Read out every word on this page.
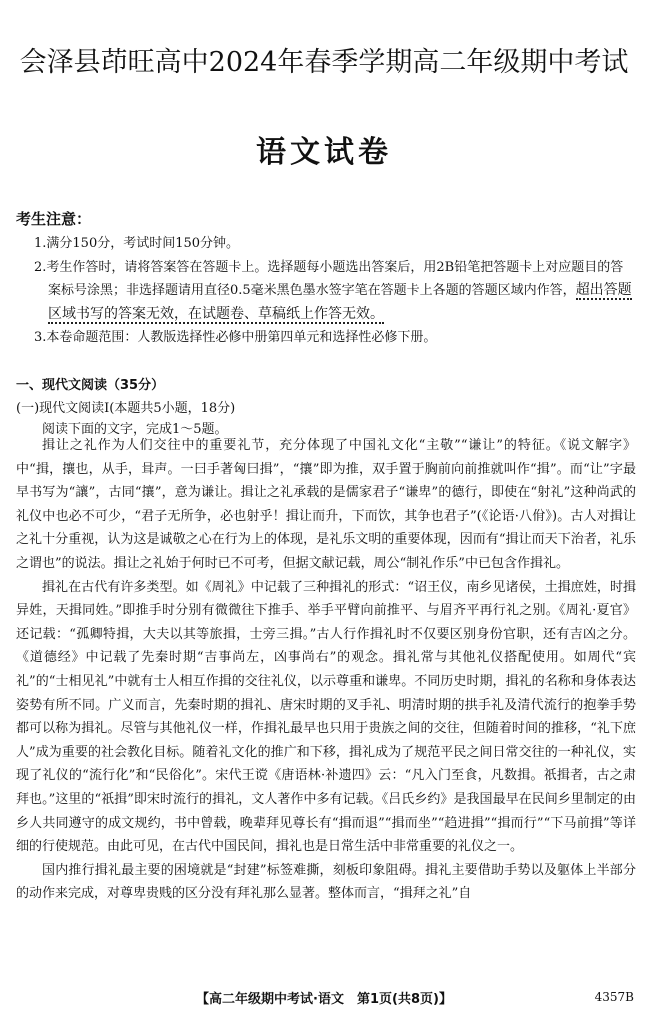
会泽县茚旺高中2024年春季学期高二年级期中考试
语文试卷
考生注意：
1.满分150分，考试时间150分钟。
2.考生作答时，请将答案答在答题卡上。选择题每小题选出答案后，用2B铅笔把答题卡上对应题目的答案标号涂黑；非选择题请用直径0.5毫米黑色墨水签字笔在答题卡上各题的答题区域内作答，超出答题区域书写的答案无效，在试题卷、草稿纸上作答无效。
3.本卷命题范围：人教版选择性必修中册第四单元和选择性必修下册。
一、现代文阅读（35分）
(一)现代文阅读Ⅰ(本题共5小题，18分)
阅读下面的文字，完成1～5题。

揖让之礼作为人们交往中的重要礼节，充分体现了中国礼文化“主敬”“谦让”的特征。《说文解字》中“揖，攘也，从手，咠声。一曰手著匈曰揖”，“攘”即为推，双手置于胸前向前推就叫作“揖”。而“让”字最早书写为“讓”，古同“攘”，意为谦让。揖让之礼承载的是儒家君子“谦卑”的德行，即使在“射礼”这种尚武的礼仪中也必不可少，“君子无所争，必也射乎！揖让而升，下而饮，其争也君子”(《论语·八佾》)。古人对揖让之礼十分重视，认为这是诚敬之心在行为上的体现，是礼乐文明的重要体现，因而有“揖让而天下治者，礼乐之谓也”的说法。揖让之礼始于何时已不可考，但据文献记载，周公“制礼作乐”中已包含作揖礼。

揖礼在古代有许多类型。如《周礼》中记载了三种揖礼的形式：“诏王仪，南乡见诸侯，土揖庶姓，时揖异姓，天揖同姓。”即推手时分别有微微往下推手、举手平臂向前推平、与眉齐平再行礼之别。《周礼·夏官》还记载：“孤卿特揖，大夫以其等旅揖，士旁三揖。”古人行作揖礼时不仅要区别身份官职，还有吉凶之分。《道德经》中记载了先秦时期“吉事尚左，凶事尚右”的观念。揖礼常与其他礼仪搭配使用。如周代“宾礼”的“士相见礼”中就有士人相互作揖的交往礼仪，以示尊重和谦卑。不同历史时期，揖礼的名称和身体表达姿势有所不同。广义而言，先秦时期的揖礼、唐宋时期的叉手礼、明清时期的拱手礼及清代流行的抱拳手势都可以称为揖礼。尽管与其他礼仪一样，作揖礼最早也只用于贵族之间的交往，但随着时间的推移，“礼下庶人”成为重要的社会教化目标。随着礼文化的推广和下移，揖礼成为了规范平民之间日常交往的一种礼仪，实现了礼仪的“流行化”和“民俗化”。宋代王谠《唐语林·补遗四》云：“凡入门至食，凡数揖。祇揖者，古之肃拜也。”这里的“祇揖”即宋时流行的揖礼，文人著作中多有记载。《吕氏乡约》是我国最早在民间乡里制定的由乡人共同遵守的成文规约，书中曾载，晚辈拜见尊长有“揖而退”“揖而坐”“趋进揖”“揖而行”“下马前揖”等详细的行使规范。由此可见，在古代中国民间，揖礼也是日常生活中非常重要的礼仪之一。

国内推行揖礼最主要的困境就是“封建”标签难撕，刻板印象阻碍。揖礼主要借助手势以及躯体上半部分的动作来完成，对尊卑贵贱的区分没有拜礼那么显著。整体而言，“揖拜之礼”自

【高二年级期中考试·语文　第1页(共8页)】	4357B
